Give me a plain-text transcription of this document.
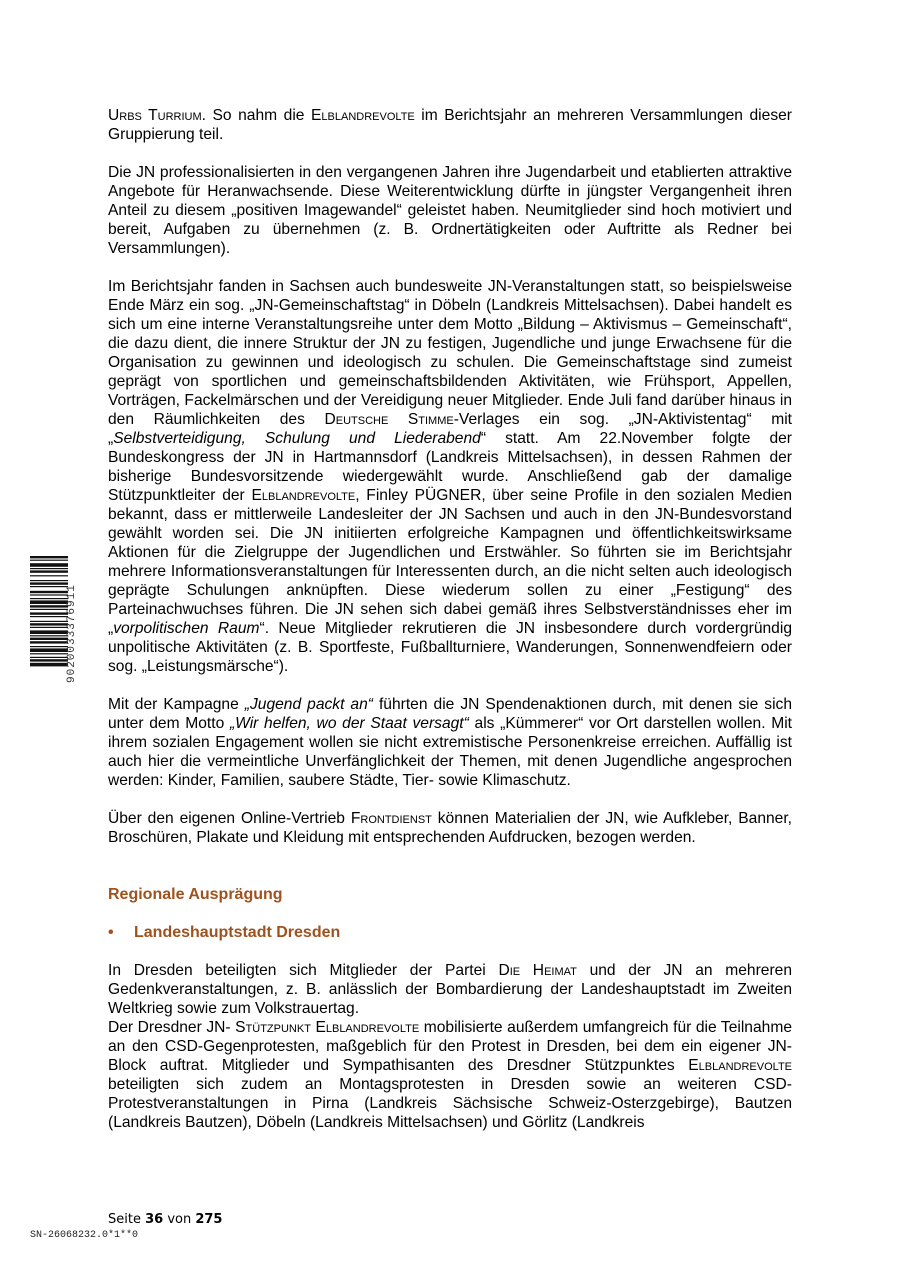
9020033376911

Urbs Turrium. So nahm die Elblandrevolte im Berichtsjahr an mehreren Versammlungen dieser Gruppierung teil.

Die JN professionalisierten in den vergangenen Jahren ihre Jugendarbeit und etablierten attraktive Angebote für Heranwachsende. Diese Weiterentwicklung dürfte in jüngster Vergangenheit ihren Anteil zu diesem „positiven Imagewandel“ geleistet haben. Neumitglieder sind hoch motiviert und bereit, Aufgaben zu übernehmen (z. B. Ordnertätigkeiten oder Auftritte als Redner bei Versammlungen).

Im Berichtsjahr fanden in Sachsen auch bundesweite JN-Veranstaltungen statt, so beispielsweise Ende März ein sog. „JN-Gemeinschaftstag“ in Döbeln (Landkreis Mittelsachsen). Dabei handelt es sich um eine interne Veranstaltungsreihe unter dem Motto „Bildung – Aktivismus – Gemeinschaft“, die dazu dient, die innere Struktur der JN zu festigen, Jugendliche und junge Erwachsene für die Organisation zu gewinnen und ideologisch zu schulen. Die Gemeinschaftstage sind zumeist geprägt von sportlichen und gemeinschaftsbildenden Aktivitäten, wie Frühsport, Appellen, Vorträgen, Fackelmärschen und der Vereidigung neuer Mitglieder. Ende Juli fand darüber hinaus in den Räumlichkeiten des Deutsche Stimme-Verlages ein sog. „JN-Aktivistentag“ mit „Selbstverteidigung, Schulung und Liederabend“ statt. Am 22.November folgte der Bundeskongress der JN in Hartmannsdorf (Landkreis Mittelsachsen), in dessen Rahmen der bisherige Bundesvorsitzende wiedergewählt wurde. Anschließend gab der damalige Stützpunktleiter der Elblandrevolte, Finley PÜGNER, über seine Profile in den sozialen Medien bekannt, dass er mittlerweile Landesleiter der JN Sachsen und auch in den JN-Bundesvorstand gewählt worden sei. Die JN initiierten erfolgreiche Kampagnen und öffentlichkeitswirksame Aktionen für die Zielgruppe der Jugendlichen und Erstwähler. So führten sie im Berichtsjahr mehrere Informationsveranstaltungen für Interessenten durch, an die nicht selten auch ideologisch geprägte Schulungen anknüpften. Diese wiederum sollen zu einer „Festigung“ des Parteinachwuchses führen. Die JN sehen sich dabei gemäß ihres Selbstverständnisses eher im „vorpolitischen Raum“. Neue Mitglieder rekrutieren die JN insbesondere durch vordergründig unpolitische Aktivitäten (z. B. Sportfeste, Fußballturniere, Wanderungen, Sonnenwendfeiern oder sog. „Leistungsmärsche“).

Mit der Kampagne „Jugend packt an“ führten die JN Spendenaktionen durch, mit denen sie sich unter dem Motto „Wir helfen, wo der Staat versagt“ als „Kümmerer“ vor Ort darstellen wollen. Mit ihrem sozialen Engagement wollen sie nicht extremistische Personenkreise erreichen. Auffällig ist auch hier die vermeintliche Unverfänglichkeit der Themen, mit denen Jugendliche angesprochen werden: Kinder, Familien, saubere Städte, Tier- sowie Klimaschutz.

Über den eigenen Online-Vertrieb Frontdienst können Materialien der JN, wie Aufkleber, Banner, Broschüren, Plakate und Kleidung mit entsprechenden Aufdrucken, bezogen werden.

Regionale Ausprägung
• Landeshauptstadt Dresden

In Dresden beteiligten sich Mitglieder der Partei Die Heimat und der JN an mehreren Gedenkveranstaltungen, z. B. anlässlich der Bombardierung der Landeshauptstadt im Zweiten Weltkrieg sowie zum Volkstrauertag.

Der Dresdner JN- Stützpunkt Elblandrevolte mobilisierte außerdem umfangreich für die Teilnahme an den CSD-Gegenprotesten, maßgeblich für den Protest in Dresden, bei dem ein eigener JN-Block auftrat. Mitglieder und Sympathisanten des Dresdner Stützpunktes Elblandrevolte beteiligten sich zudem an Montagsprotesten in Dresden sowie an weiteren CSD-Protestveranstaltungen in Pirna (Landkreis Sächsische Schweiz-Osterzgebirge), Bautzen (Landkreis Bautzen), Döbeln (Landkreis Mittelsachsen) und Görlitz (Landkreis

Seite 36 von 275
SN-26068232.0*1**0
